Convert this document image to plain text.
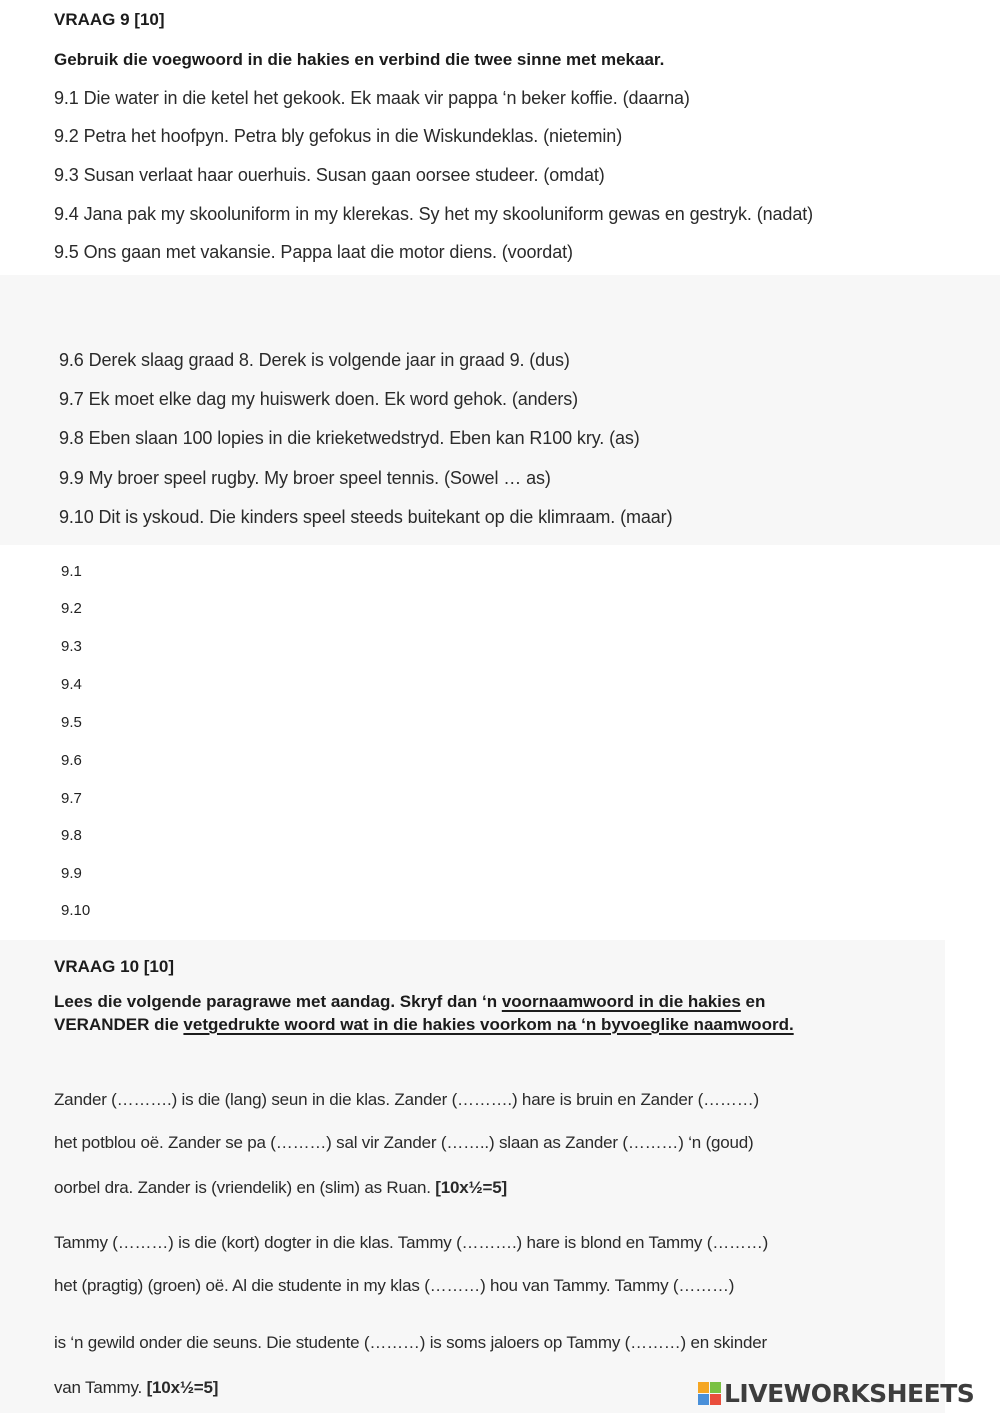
VRAAG 9 [10]
Gebruik die voegwoord in die hakies en verbind die twee sinne met mekaar.
9.1 Die water in die ketel het gekook. Ek maak vir pappa ‘n beker koffie. (daarna)
9.2 Petra het hoofpyn. Petra bly gefokus in die Wiskundeklas. (nietemin)
9.3 Susan verlaat haar ouerhuis. Susan gaan oorsee studeer. (omdat)
9.4 Jana pak my skooluniform in my klerekas. Sy het my skooluniform gewas en gestryk. (nadat)
9.5 Ons gaan met vakansie. Pappa laat die motor diens. (voordat)
9.6 Derek slaag graad 8. Derek is volgende jaar in graad 9. (dus)
9.7 Ek moet elke dag my huiswerk doen. Ek word gehok. (anders)
9.8 Eben slaan 100 lopies in die krieketwedstryd. Eben kan R100 kry. (as)
9.9 My broer speel rugby. My broer speel tennis. (Sowel … as)
9.10 Dit is yskoud. Die kinders speel steeds buitekant op die klimraam. (maar)
9.1
9.2
9.3
9.4
9.5
9.6
9.7
9.8
9.9
9.10
VRAAG 10 [10]
Lees die volgende paragrawe met aandag. Skryf dan ‘n voornaamwoord in die hakies en
VERANDER die vetgedrukte woord wat in die hakies voorkom na ‘n byvoeglike naamwoord.
Zander (……….) is die (lang) seun in die klas. Zander (……….) hare is bruin en Zander (………)
het potblou oë. Zander se pa (………) sal vir Zander (……..) slaan as Zander (………) ‘n (goud)
oorbel dra. Zander is (vriendelik) en (slim) as Ruan. [10x½=5]
Tammy (………) is die (kort) dogter in die klas. Tammy (……….) hare is blond en Tammy (………)
het (pragtig) (groen) oë. Al die studente in my klas (………) hou van Tammy. Tammy (………)
is ‘n gewild onder die seuns. Die studente (………) is soms jaloers op Tammy (………) en skinder
van Tammy. [10x½=5]	LIVEWORKSHEETS
